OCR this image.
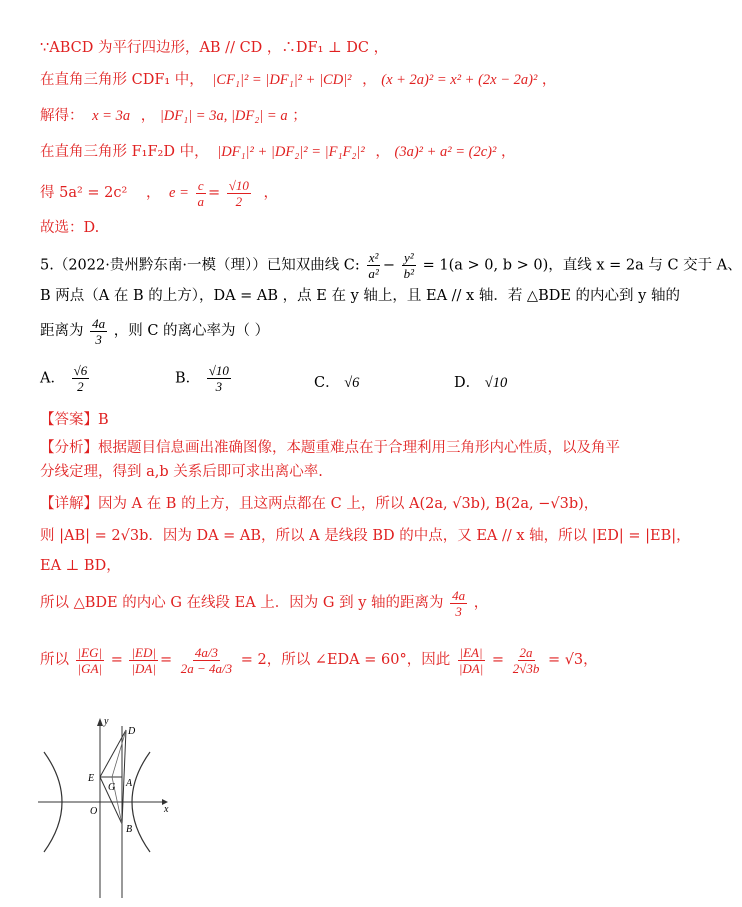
∵ABCD 为平行四边形，AB // CD ，∴DF₁ ⊥ DC ，
在直角三角形 CDF₁ 中， |CF₁|² = |DF₁|² + |CD|² ， (x + 2a)² = x² + (2x − 2a)² ，
解得： x = 3a ， |DF₁| = 3a, |DF₂| = a ；
在直角三角形 F₁F₂D 中， |DF₁|² + |DF₂|² = |F₁F₂|² ， (3a)² + a² = (2c)² ，
得 5a² = 2c² ， $e = \frac{c}{a} = \frac{√10}{2}$ ，
故选：D.
5.（2022·贵州黔东南·一模（理））已知双曲线 C: $\frac{\text{x²}}{\text{a²}} - \frac{\text{y²}}{\text{b²}} = 1(a > 0$, b > 0)，直线 x = 2a 与 C 交于 A、
B 两点（A 在 B 的上方），DA = AB ，点 E 在 y 轴上，且 EA // x 轴．若 △BDE 的内心到 y 轴的
距离为 $\frac{4a}{3}$ ，则 C 的离心率为（ ）
A． $\frac{√6}{2}$	B． $\frac{√10}{3}$	C． √6	D． √10
【答案】B
【分析】根据题目信息画出准确图像，本题重难点在于合理利用三角形内心性质，以及角平
分线定理，得到 a,b 关系后即可求出离心率.
【详解】因为 A 在 B 的上方，且这两点都在 C 上，所以 A(2a, √3b), B(2a, −√3b)，
则 |AB| = 2√3b．因为 DA = AB，所以 A 是线段 BD 的中点，又 EA // x 轴，所以 |ED| = |EB|，
EA ⊥ BD，
所以 △BDE 的内心 G 在线段 EA 上．因为 G 到 y 轴的距离为 $\frac{4a}{3}$ ，
所以 $\frac{|EG|}{|GA|} = \frac{|ED|}{|DA|} = \frac{4a/3}{2a - 4a/3} = 2$，所以 ∠EDA = 60°，因此 $\frac{|EA|}{|DA|} = \frac{2a}{2√3b} = √3$，
y
x
O
E
G A
B
D
